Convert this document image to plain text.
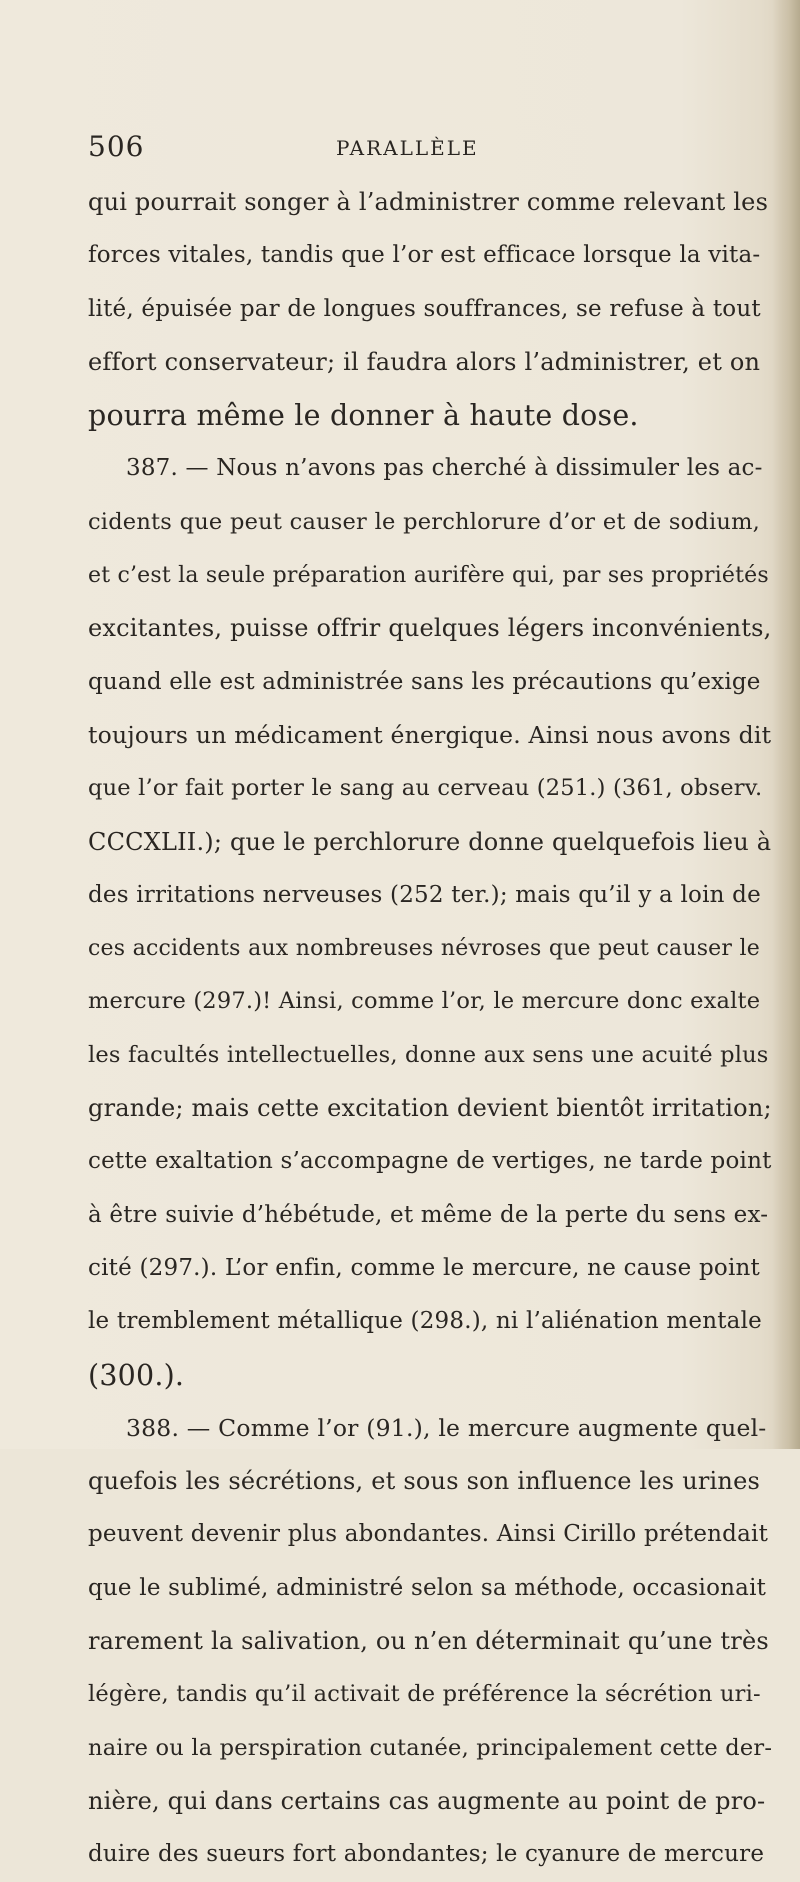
506	PARALLÈLE
qui pourrait songer à l’administrer comme relevant les
forces vitales, tandis que l’or est efficace lorsque la vita-
lité, épuisée par de longues souffrances, se refuse à tout
effort conservateur; il faudra alors l’administrer, et on
pourra même le donner à haute dose.
387. — Nous n’avons pas cherché à dissimuler les ac-
cidents que peut causer le perchlorure d’or et de sodium,
et c’est la seule préparation aurifère qui, par ses propriétés
excitantes, puisse offrir quelques légers inconvénients,
quand elle est administrée sans les précautions qu’exige
toujours un médicament énergique. Ainsi nous avons dit
que l’or fait porter le sang au cerveau (251.) (361, observ.
CCCXLII.); que le perchlorure donne quelquefois lieu à
des irritations nerveuses (252 ter.); mais qu’il y a loin de
ces accidents aux nombreuses névroses que peut causer le
mercure (297.)! Ainsi, comme l’or, le mercure donc exalte
les facultés intellectuelles, donne aux sens une acuité plus
grande; mais cette excitation devient bientôt irritation;
cette exaltation s’accompagne de vertiges, ne tarde point
à être suivie d’hébétude, et même de la perte du sens ex-
cité (297.). L’or enfin, comme le mercure, ne cause point
le tremblement métallique (298.), ni l’aliénation mentale
(300.).
388. — Comme l’or (91.), le mercure augmente quel-
quefois les sécrétions, et sous son influence les urines
peuvent devenir plus abondantes. Ainsi Cirillo prétendait
que le sublimé, administré selon sa méthode, occasionait
rarement la salivation, ou n’en déterminait qu’une très
légère, tandis qu’il activait de préférence la sécrétion uri-
naire ou la perspiration cutanée, principalement cette der-
nière, qui dans certains cas augmente au point de pro-
duire des sueurs fort abondantes; le cyanure de mercure
